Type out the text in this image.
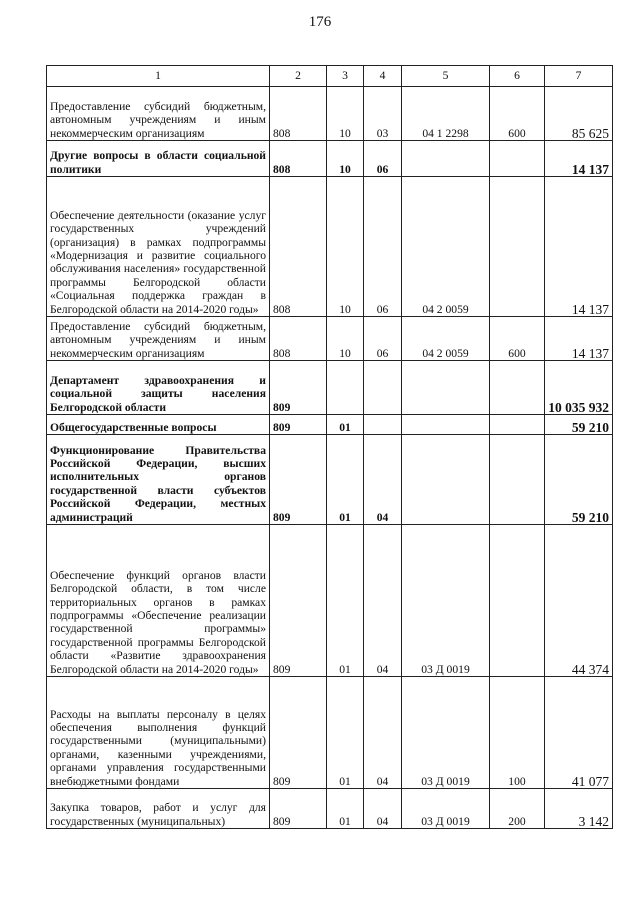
176
1	2	3	4	5	6	7
Предоставление субсидий бюджетным, автономным учреждениям и иным некоммерческим организациям	808	10	03	04 1 2298	600	85 625
Другие вопросы в области социальной политики	808	10	06			14 137
Обеспечение деятельности (оказание услуг государственных учреждений (организация) в рамках подпрограммы «Модернизация и развитие социального обслуживания населения» государственной программы Белгородской области «Социальная поддержка граждан в Белгородской области на 2014-2020 годы»	808	10	06	04 2 0059		14 137
Предоставление субсидий бюджетным, автономным учреждениям и иным некоммерческим организациям	808	10	06	04 2 0059	600	14 137
Департамент здравоохранения и социальной защиты населения Белгородской области	809					10 035 932
Общегосударственные вопросы	809	01				59 210
Функционирование Правительства Российской Федерации, высших исполнительных органов государственной власти субъектов Российской Федерации, местных администраций	809	01	04			59 210
Обеспечение функций органов власти Белгородской области, в том числе территориальных органов в рамках подпрограммы «Обеспечение реализации государственной программы» государственной программы Белгородской области «Развитие здравоохранения Белгородской области на 2014-2020 годы»	809	01	04	03 Д 0019		44 374
Расходы на выплаты персоналу в целях обеспечения выполнения функций государственными (муниципальными) органами, казенными учреждениями, органами управления государственными внебюджетными фондами	809	01	04	03 Д 0019	100	41 077
Закупка товаров, работ и услуг для государственных (муниципальных)	809	01	04	03 Д 0019	200	3 142
